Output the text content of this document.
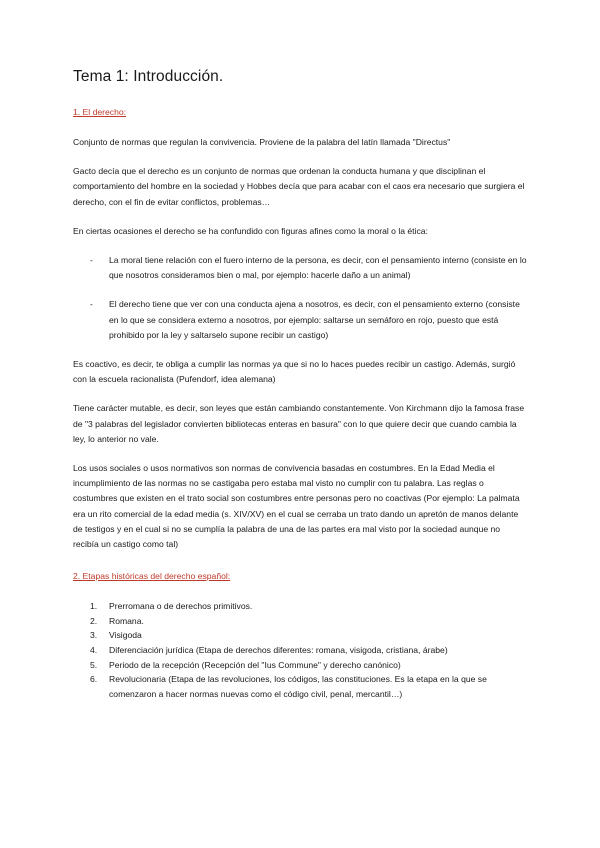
Tema 1: Introducción.
1. El derecho:

Conjunto de normas que regulan la convivencia. Proviene de la palabra del latín llamada "Directus"

Gacto decía que el derecho es un conjunto de normas que ordenan la conducta humana y que disciplinan el comportamiento del hombre en la sociedad y Hobbes decía que para acabar con el caos era necesario que surgiera el derecho, con el fin de evitar conflictos, problemas…

En ciertas ocasiones el derecho se ha confundido con figuras afines como la moral o la ética:

- La moral tiene relación con el fuero interno de la persona, es decir, con el pensamiento interno (consiste en lo que nosotros consideramos bien o mal, por ejemplo: hacerle daño a un animal)
- El derecho tiene que ver con una conducta ajena a nosotros, es decir, con el pensamiento externo (consiste en lo que se considera externo a nosotros, por ejemplo: saltarse un semáforo en rojo, puesto que está prohibido por la ley y saltarselo supone recibir un castigo)

Es coactivo, es decir, te obliga a cumplir las normas ya que si no lo haces puedes recibir un castigo. Además, surgió con la escuela racionalista (Pufendorf, idea alemana)

Tiene carácter mutable, es decir, son leyes que están cambiando constantemente. Von Kirchmann dijo la famosa frase de "3 palabras del legislador convierten bibliotecas enteras en basura" con lo que quiere decir que cuando cambia la ley, lo anterior no vale.

Los usos sociales o usos normativos son normas de convivencia basadas en costumbres. En la Edad Media el incumplimiento de las normas no se castigaba pero estaba mal visto no cumplir con tu palabra. Las reglas o costumbres que existen en el trato social son costumbres entre personas pero no coactivas (Por ejemplo: La palmata era un rito comercial de la edad media (s. XIV/XV) en el cual se cerraba un trato dando un apretón de manos delante de testigos y en el cual si no se cumplía la palabra de una de las partes era mal visto por la sociedad aunque no recibía un castigo como tal)

2. Etapas históricas del derecho español:
1. Prerromana o de derechos primitivos.
2. Romana.
3. Visigoda
4. Diferenciación jurídica (Etapa de derechos diferentes: romana, visigoda, cristiana, árabe)
5. Periodo de la recepción (Recepción del "Ius Commune" y derecho canónico)
6. Revolucionaria (Etapa de las revoluciones, los códigos, las constituciones. Es la etapa en la que se comenzaron a hacer normas nuevas como el código civil, penal, mercantil…)
